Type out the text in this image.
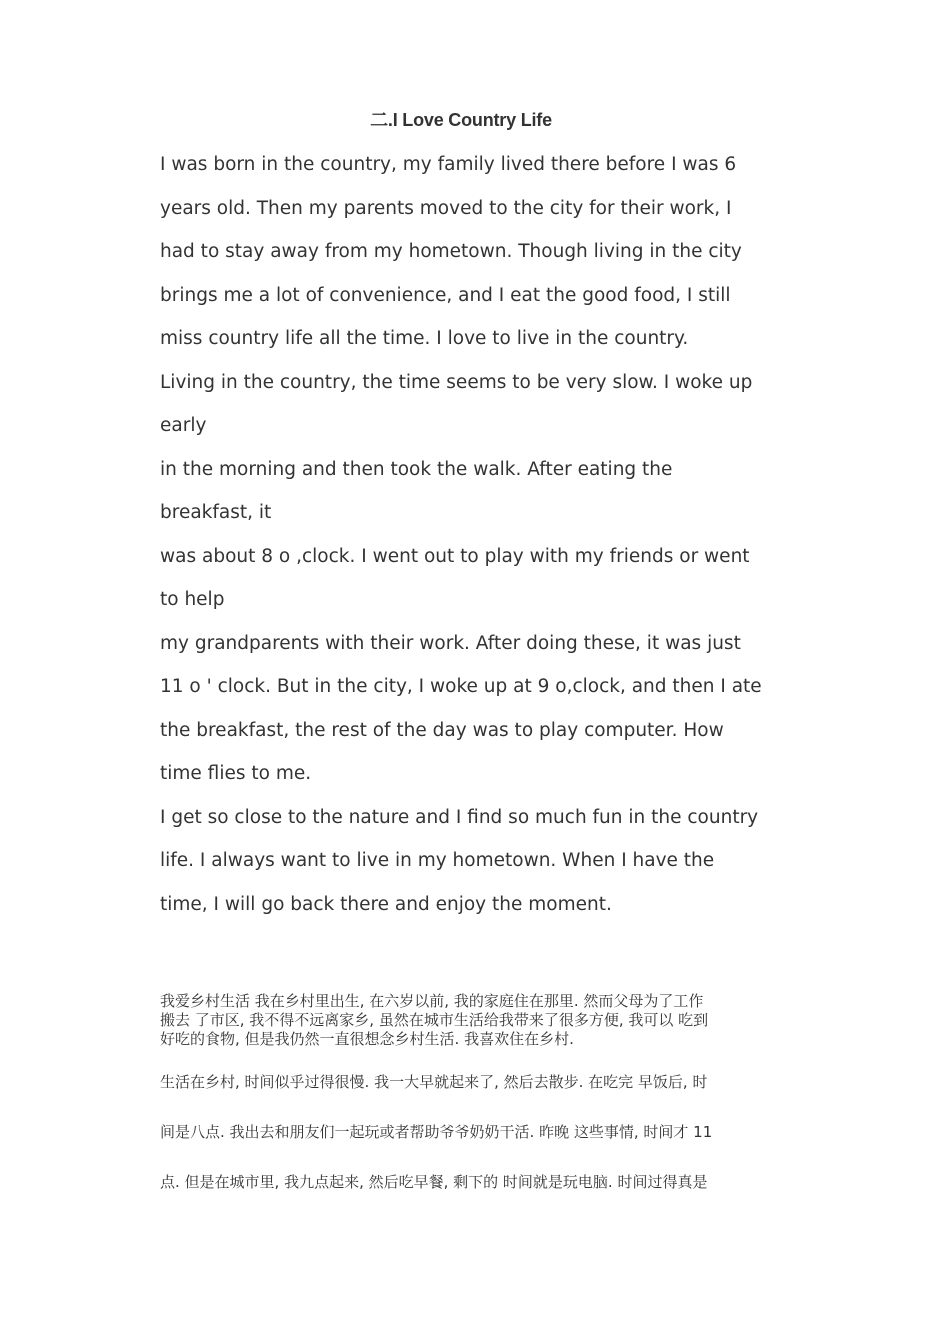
二.I Love Country Life
I was born in the country, my family lived there before I was 6
years old. Then my parents moved to the city for their work, I
had to stay away from my hometown. Though living in the city
brings me a lot of convenience, and I eat the good food, I still
miss country life all the time. I love to live in the country.
Living in the country, the time seems to be very slow. I woke up
early
in the morning and then took the walk. After eating the
breakfast, it
was about 8 o ,clock. I went out to play with my friends or went
to help
my grandparents with their work. After doing these, it was just
11 o ' clock. But in the city, I woke up at 9 o,clock, and then I ate
the breakfast, the rest of the day was to play computer. How
time flies to me.
I get so close to the nature and I find so much fun in the country
life. I always want to live in my hometown. When I have the
time, I will go back there and enjoy the moment.
我爱乡村生活 我在乡村里出生, 在六岁以前, 我的家庭住在那里. 然而父母为了工作
搬去 了市区, 我不得不远离家乡, 虽然在城市生活给我带来了很多方便, 我可以 吃到
好吃的食物, 但是我仍然一直很想念乡村生活. 我喜欢住在乡村.
生活在乡村, 时间似乎过得很慢. 我一大早就起来了, 然后去散步. 在吃完 早饭后, 时
间是八点. 我出去和朋友们一起玩或者帮助爷爷奶奶干活. 昨晚 这些事情, 时间才 11
点. 但是在城市里, 我九点起来, 然后吃早餐, 剩下的 时间就是玩电脑. 时间过得真是
